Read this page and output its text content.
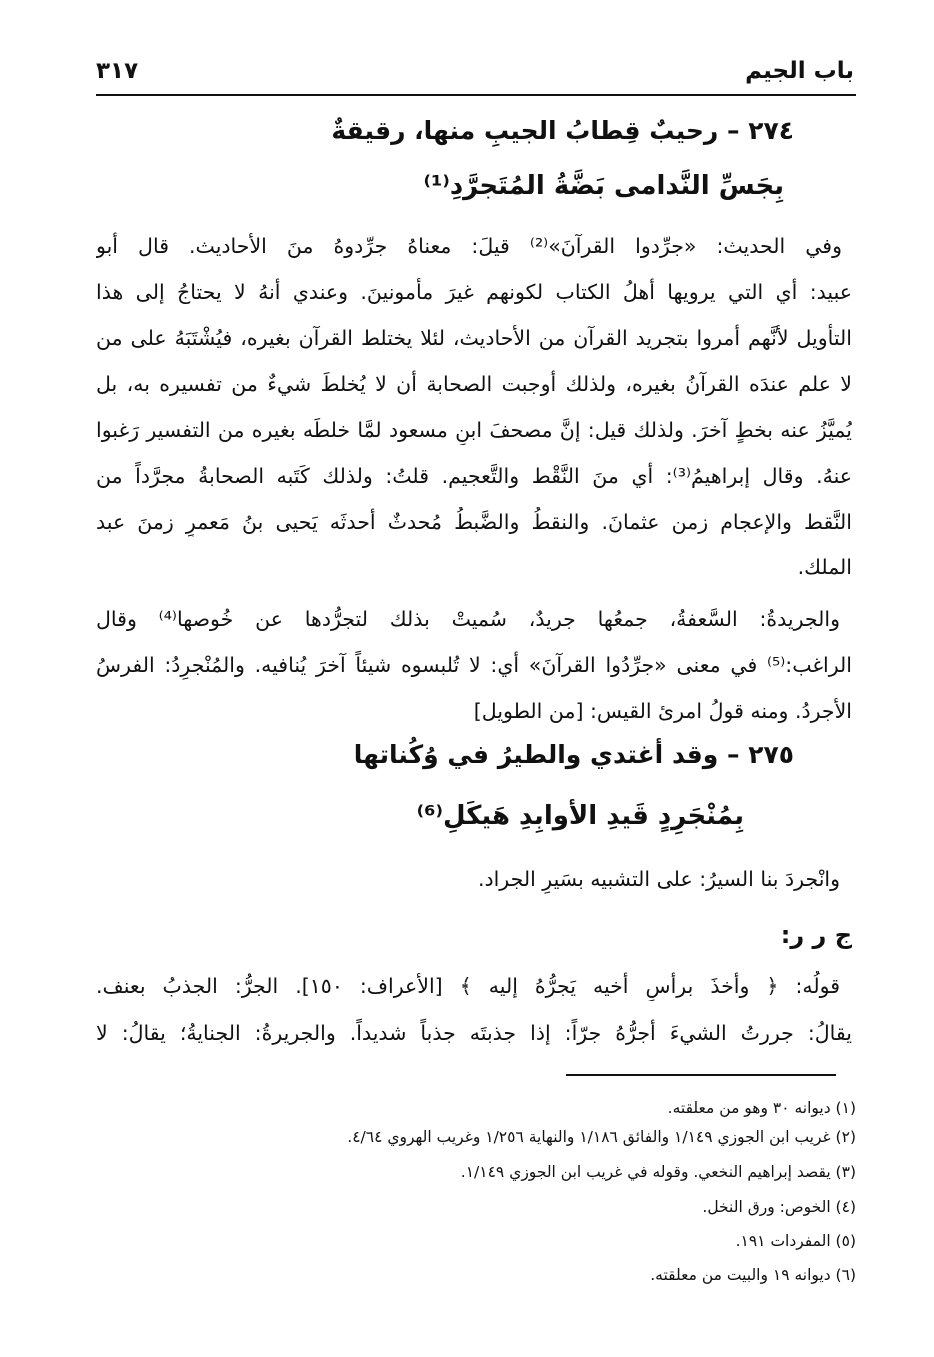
باب الجيم
٣١٧
٢٧٤ – رحيبٌ قِطابُ الجيبِ منها، رقيقةٌ
بِجَسِّ النَّدامى بَضَّةُ المُتَجرَّدِ⁽¹⁾
وفي الحديث: «جرِّدوا القرآنَ»⁽²⁾ قيلَ: معناهُ جرِّدوهُ منَ الأحاديث. قال أبو
عبيد: أي التي يرويها أهلُ الكتاب لكونهم غيرَ مأمونينَ. وعندي أنهُ لا يحتاجُ إلى هذا
التأويل لأنَّهم أمروا بتجريد القرآن من الأحاديث، لئلا يختلط القرآن بغيره، فيُشْتَبَهُ على من
لا علم عندَه القرآنُ بغيره، ولذلك أوجبت الصحابة أن لا يُخلطَ شيءٌ من تفسيره به، بل
يُميَّزُ عنه بخطٍ آخرَ. ولذلك قيل: إنَّ مصحفَ ابنِ مسعود لمَّا خلطَه بغيره من التفسير رَغبوا
عنهُ. وقال إبراهيمُ⁽³⁾: أي منَ النَّقْط والتَّعجيم. قلتُ: ولذلك كَتَبه الصحابةُ مجرَّداً من
النَّقط والإعجام زمن عثمانَ. والنقطُ والضَّبطُ مُحدثٌ أحدثَه يَحيى بنُ مَعمرٍ زمنَ عبد
الملك.
والجريدةُ: السَّعفةُ، جمعُها جريدٌ، سُميتْ بذلك لتجرُّدها عن خُوصها⁽⁴⁾ وقال
الراغب:⁽⁵⁾ في معنى «جرِّدُوا القرآنَ» أي: لا تُلبسوه شيئاً آخرَ يُنافيه. والمُنْجرِدُ: الفرسُ
الأجردُ. ومنه قولُ امرئ القيس: [من الطويل]
٢٧٥ – وقد أغتدي والطيرُ في وُكُناتها
بِمُنْجَرِدٍ قَيدِ الأوابِدِ هَيكَلِ⁽⁶⁾
وانْجردَ بنا السيرُ: على التشبيه بسَيرِ الجراد.
ج ر ر:
قولُه: ﴿ وأخذَ برأسِ أخيه يَجرُّهُ إليه ﴾ [الأعراف: ١٥٠]. الجرُّ: الجذبُ بعنف.
يقالُ: جررتُ الشيءَ أجرُّهُ جرّاً: إذا جذبتَه جذباً شديداً. والجريرةُ: الجنايةُ؛ يقالُ: لا
(١) ديوانه ٣٠ وهو من معلقته.
(٢) غريب ابن الجوزي ١/١٤٩ والفائق ١/١٨٦ والنهاية ١/٢٥٦ وغريب الهروي ٤/٦٤.
(٣) يقصد إبراهيم النخعي. وقوله في غريب ابن الجوزي ١/١٤٩.
(٤) الخوص: ورق النخل.
(٥) المفردات ١٩١.
(٦) ديوانه ١٩ والبيت من معلقته.
